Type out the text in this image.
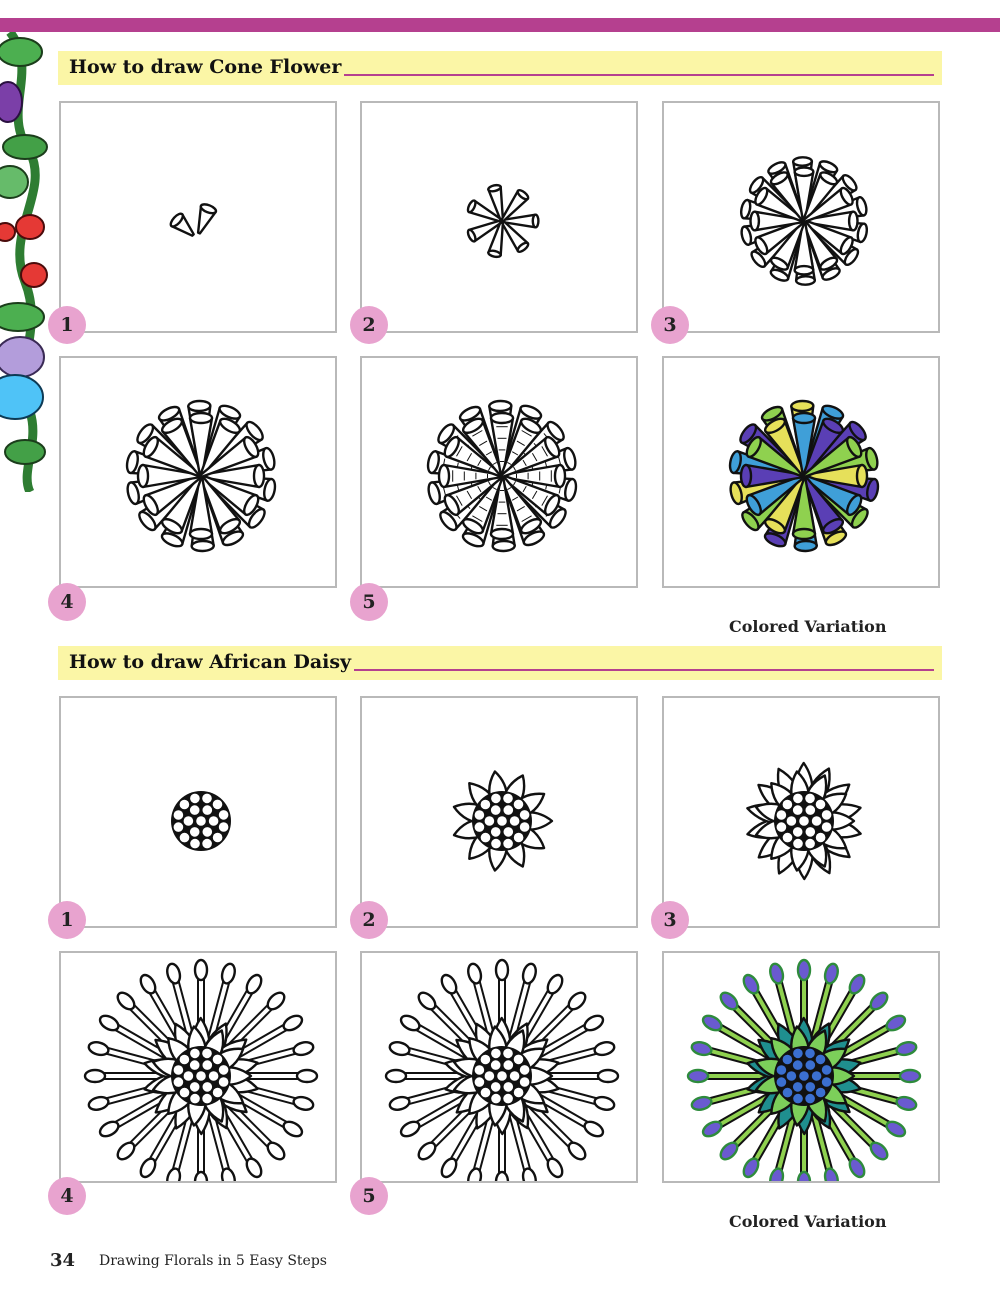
How to draw Cone Flower
1	2	3
4	5
Colored Variation
How to draw African Daisy
1	2	3
4	5
Colored Variation
34 Drawing Florals in 5 Easy Steps
